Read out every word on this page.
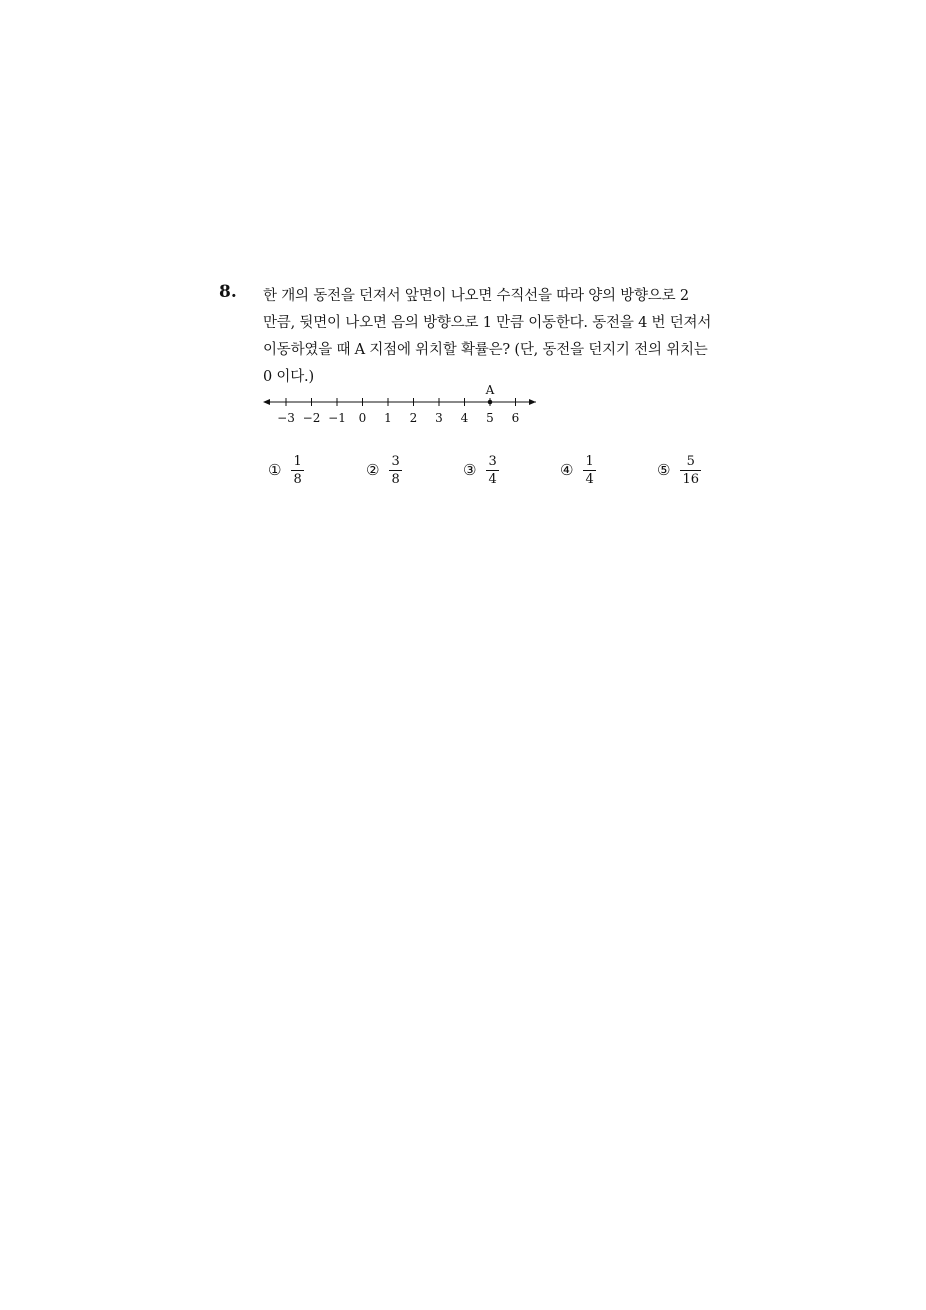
8. 한 개의 동전을 던져서 앞면이 나오면 수직선을 따라 양의 방향으로 2
만큼, 뒷면이 나오면 음의 방향으로 1 만큼 이동한다. 동전을 4 번 던져서
이동하였을 때 A 지점에 위치할 확률은? (단, 동전을 던지기 전의 위치는
0 이다.)
−3 −2 −1 0 1 2 3 4 5 6
A
① $\frac{1}{8}$	② $\frac{3}{8}$	③ $\frac{3}{4}$	④ $\frac{1}{4}$	⑤ $\frac{5}{16}$
